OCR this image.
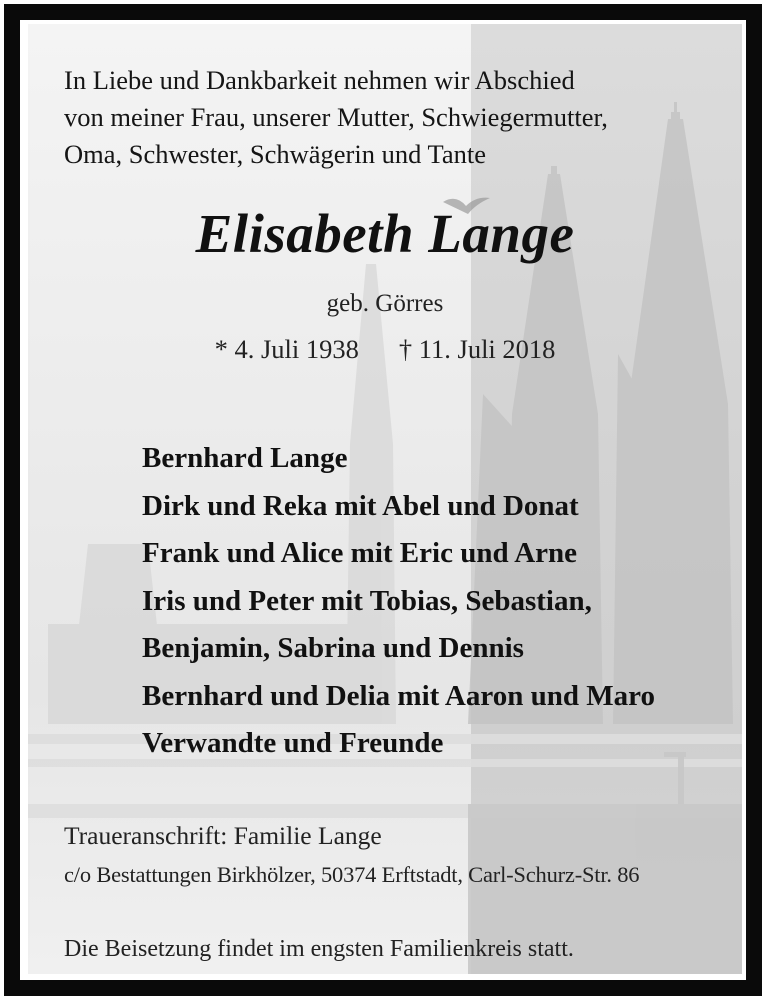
In Liebe und Dankbarkeit nehmen wir Abschied
von meiner Frau, unserer Mutter, Schwiegermutter,
Oma, Schwester, Schwägerin und Tante
Elisabeth Lange
geb. Görres
* 4. Juli 1938 † 11. Juli 2018
Bernhard Lange
Dirk und Reka mit Abel und Donat
Frank und Alice mit Eric und Arne
Iris und Peter mit Tobias, Sebastian,
Benjamin, Sabrina und Dennis
Bernhard und Delia mit Aaron und Maro
Verwandte und Freunde
Traueranschrift: Familie Lange
c/o Bestattungen Birkhölzer, 50374 Erftstadt, Carl-Schurz-Str. 86
Die Beisetzung findet im engsten Familienkreis statt.
